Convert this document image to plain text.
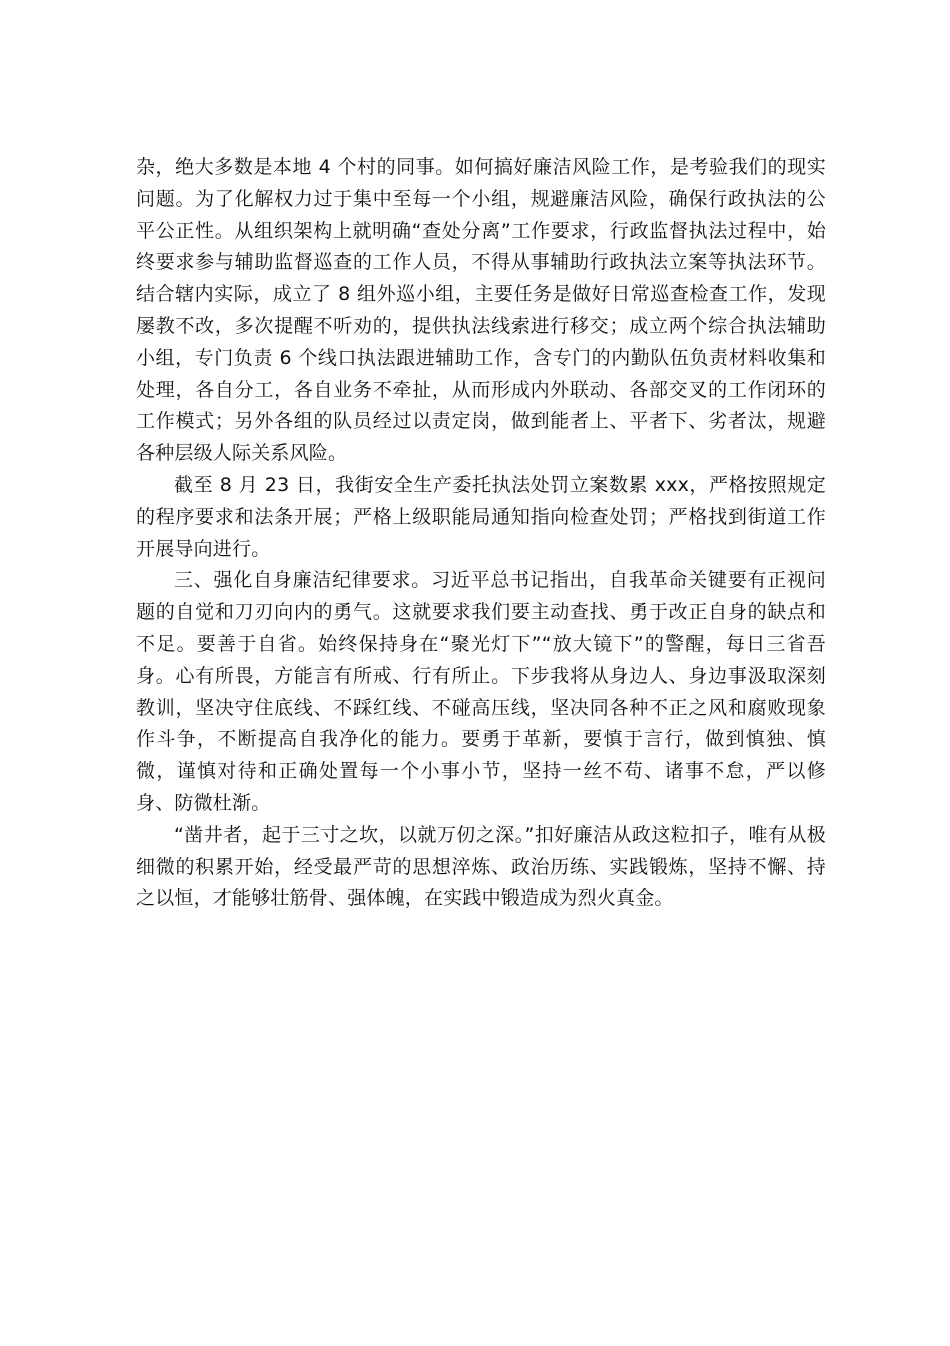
杂，绝大多数是本地 4 个村的同事。如何搞好廉洁风险工作，是考验我们的现实问题。为了化解权力过于集中至每一个小组，规避廉洁风险，确保行政执法的公平公正性。从组织架构上就明确“查处分离”工作要求，行政监督执法过程中，始终要求参与辅助监督巡查的工作人员，不得从事辅助行政执法立案等执法环节。结合辖内实际，成立了 8 组外巡小组，主要任务是做好日常巡查检查工作，发现屡教不改，多次提醒不听劝的，提供执法线索进行移交；成立两个综合执法辅助小组，专门负责 6 个线口执法跟进辅助工作，含专门的内勤队伍负责材料收集和处理，各自分工，各自业务不牵扯，从而形成内外联动、各部交叉的工作闭环的工作模式；另外各组的队员经过以责定岗，做到能者上、平者下、劣者汰，规避各种层级人际关系风险。

截至 8 月 23 日，我街安全生产委托执法处罚立案数累 xxx，严格按照规定的程序要求和法条开展；严格上级职能局通知指向检查处罚；严格找到街道工作开展导向进行。

三、强化自身廉洁纪律要求。习近平总书记指出，自我革命关键要有正视问题的自觉和刀刃向内的勇气。这就要求我们要主动查找、勇于改正自身的缺点和不足。要善于自省。始终保持身在“聚光灯下”“放大镜下”的警醒，每日三省吾身。心有所畏，方能言有所戒、行有所止。下步我将从身边人、身边事汲取深刻教训，坚决守住底线、不踩红线、不碰高压线，坚决同各种不正之风和腐败现象作斗争，不断提高自我净化的能力。要勇于革新，要慎于言行，做到慎独、慎微，谨慎对待和正确处置每一个小事小节，坚持一丝不苟、诸事不怠，严以修身、防微杜渐。

“凿井者，起于三寸之坎，以就万仞之深。”扣好廉洁从政这粒扣子，唯有从极细微的积累开始，经受最严苛的思想淬炼、政治历练、实践锻炼，坚持不懈、持之以恒，才能够壮筋骨、强体魄，在实践中锻造成为烈火真金。
